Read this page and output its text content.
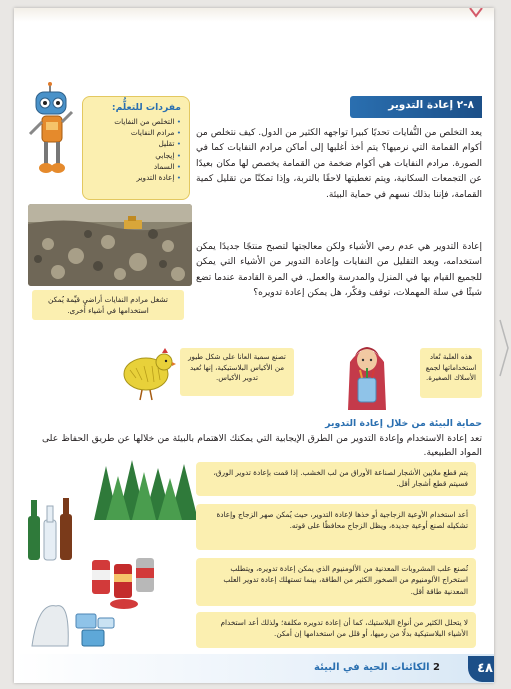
مفردات للتعلُّم:
• التخلص من النفايات
• مرادم النفايات
• تقليل
• إيجابي
• السماد
• إعادة التدوير
٨-٢ إعادة التدوير
يعد التخلص من النُّفايات تحديًا كبيرا تواجهه الكثير من الدول. كيف نتخلص من أكوام القمامة التي نرميها؟ يتم أخذ أغلبها إلى أماكن مرادم النفايات كما في الصورة. مرادم النفايات هي أكوام ضخمة من القمامة يخصص لها مكان بعيدًا عن التجمعات السكانية، ويتم تغطيتها لاحقًا بالتربة، وإذا تمكنّا من تقليل كمية القمامة، فإننا بذلك نسهم في حماية البيئة.
تشغل مرادم النفايات أراضي قيِّمة يُمكن استخدامها في أشياء أُخرى.
إعادة التدوير هي عدم رمي الأشياء ولكن معالجتها لتصبح منتجًا جديدًا يمكن استخدامه، ويعد التقليل من النفايات وإعادة التدوير من الأشياء التي يمكن للجميع القيام بها في المنزل والمدرسة والعمل. في المرة القادمة عندما تضع شيئًا في سلة المهملات، توقف وفكّر، هل يمكن إعادة تدويره؟
هذه العلبة تُعاد استخداماتها لجمع الأسلاك الصغيرة.
تصنع سمية العانا على شكل طيور من الأكياس البلاستيكية، إنها تُعيد تدوير الأكياس.
حماية البيئة من خلال إعادة التدوير
تعد إعادة الاستخدام وإعادة التدوير من الطرق الإيجابية التي يمكنك الاهتمام بالبيئة من خلالها عن طريق الحفاظ على المواد الطبيعية.
يتم قطع ملايين الأشجار لصناعة الأوراق من لب الخشب. إذا قمت بإعادة تدوير الورق، فسيتم قطع أشجار أقل.
أعد استخدام الأوعية الزجاجية أو خذها لإعادة التدوير، حيث يُمكن صهر الزجاج وإعادة تشكيله لصنع أوعية جديدة، ويظل الزجاج محافظًا على قوته.
تُصنع علب المشروبات المعدنية من الألومنيوم الذي يمكن إعادة تدويره، ويتطلب استخراج الألومنيوم من الصخور الكثير من الطاقة، بينما تستهلك إعادة تدوير العلب المعدنية طاقة أقل.
لا يتحلل الكثير من أنواع البلاستيك، كما أن إعادة تدويره مكلفة؛ ولذلك أعد استخدام الأشياء البلاستيكية بدلًا من رميها، أو قلل من استخدامها إن أمكن.
2 الكائنات الحية في البيئة	٤٨
